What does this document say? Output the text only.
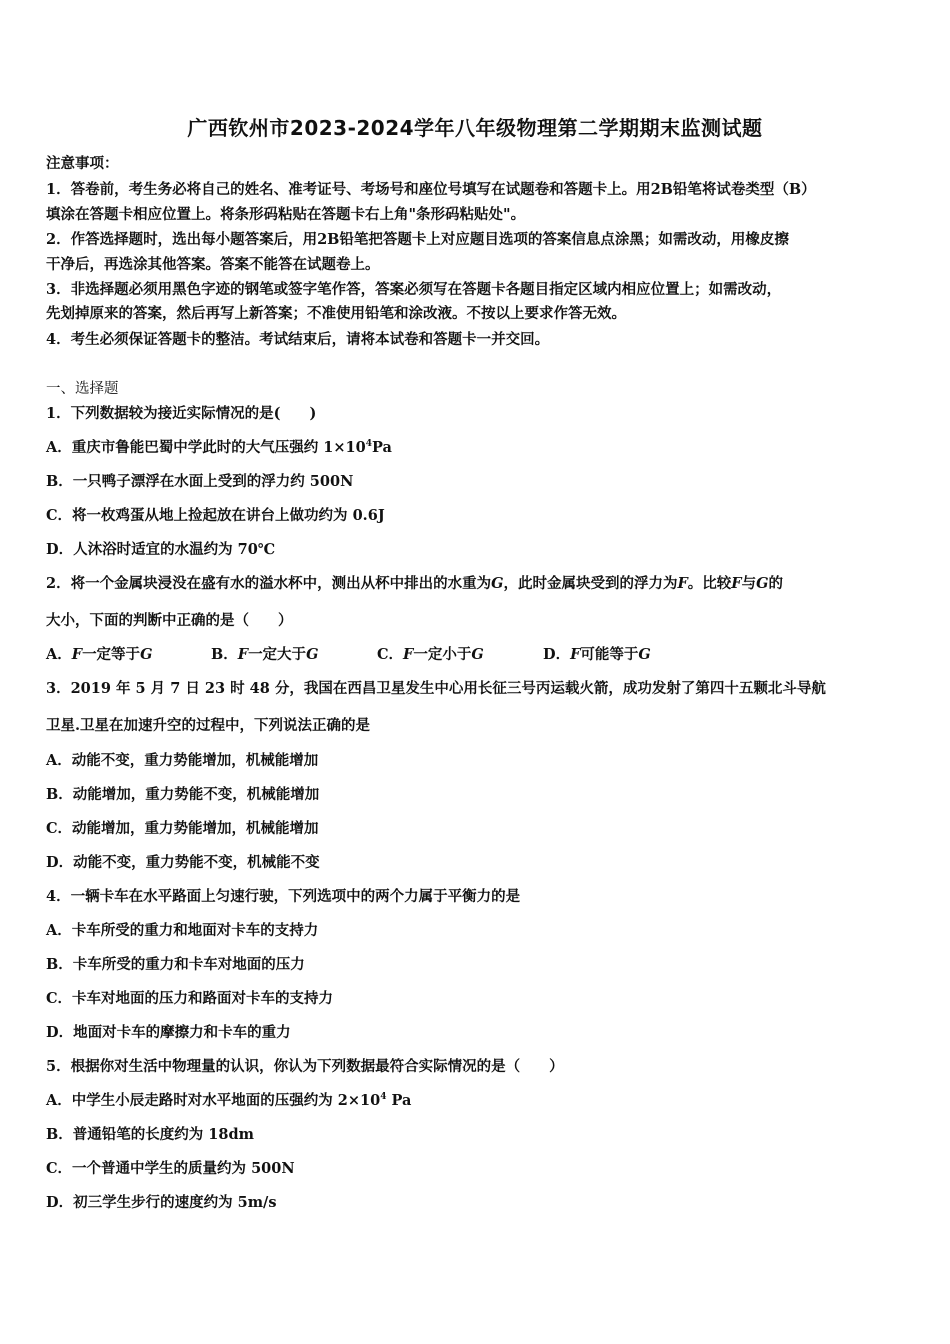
广西钦州市2023-2024学年八年级物理第二学期期末监测试题
注意事项：
1．答卷前，考生务必将自己的姓名、准考证号、考场号和座位号填写在试题卷和答题卡上。用2B铅笔将试卷类型（B）
填涂在答题卡相应位置上。将条形码粘贴在答题卡右上角"条形码粘贴处"。
2．作答选择题时，选出每小题答案后，用2B铅笔把答题卡上对应题目选项的答案信息点涂黑；如需改动，用橡皮擦
干净后，再选涂其他答案。答案不能答在试题卷上。
3．非选择题必须用黑色字迹的钢笔或签字笔作答，答案必须写在答题卡各题目指定区域内相应位置上；如需改动，
先划掉原来的答案，然后再写上新答案；不准使用铅笔和涂改液。不按以上要求作答无效。
4．考生必须保证答题卡的整洁。考试结束后，请将本试卷和答题卡一并交回。
一、选择题
1．下列数据较为接近实际情况的是(　　)
A．重庆市鲁能巴蜀中学此时的大气压强约 $1\times 10^4Pa$
B．一只鸭子漂浮在水面上受到的浮力约 500N
C．将一枚鸡蛋从地上捡起放在讲台上做功约为 0.6J
D．人沐浴时适宜的水温约为 70℃
2．将一个金属块浸没在盛有水的溢水杯中，测出从杯中排出的水重为G，此时金属块受到的浮力为F。比较F与G的
大小，下面的判断中正确的是（　　）
A．F一定等于G	B．F一定大于G	C．F一定小于G	D．F可能等于G
3．2019 年 5 月 7 日 23 时 48 分，我国在西昌卫星发生中心用长征三号丙运载火箭，成功发射了第四十五颗北斗导航
卫星.卫星在加速升空的过程中，下列说法正确的是
A．动能不变，重力势能增加，机械能增加
B．动能增加，重力势能不变，机械能增加
C．动能增加，重力势能增加，机械能增加
D．动能不变，重力势能不变，机械能不变
4．一辆卡车在水平路面上匀速行驶，下列选项中的两个力属于平衡力的是
A．卡车所受的重力和地面对卡车的支持力
B．卡车所受的重力和卡车对地面的压力
C．卡车对地面的压力和路面对卡车的支持力
D．地面对卡车的摩擦力和卡车的重力
5．根据你对生活中物理量的认识，你认为下列数据最符合实际情况的是（　　）
A．中学生小辰走路时对水平地面的压强约为 $2\times 10^4$ Pa
B．普通铅笔的长度约为 18dm
C．一个普通中学生的质量约为 500N
D．初三学生步行的速度约为 5m/s
